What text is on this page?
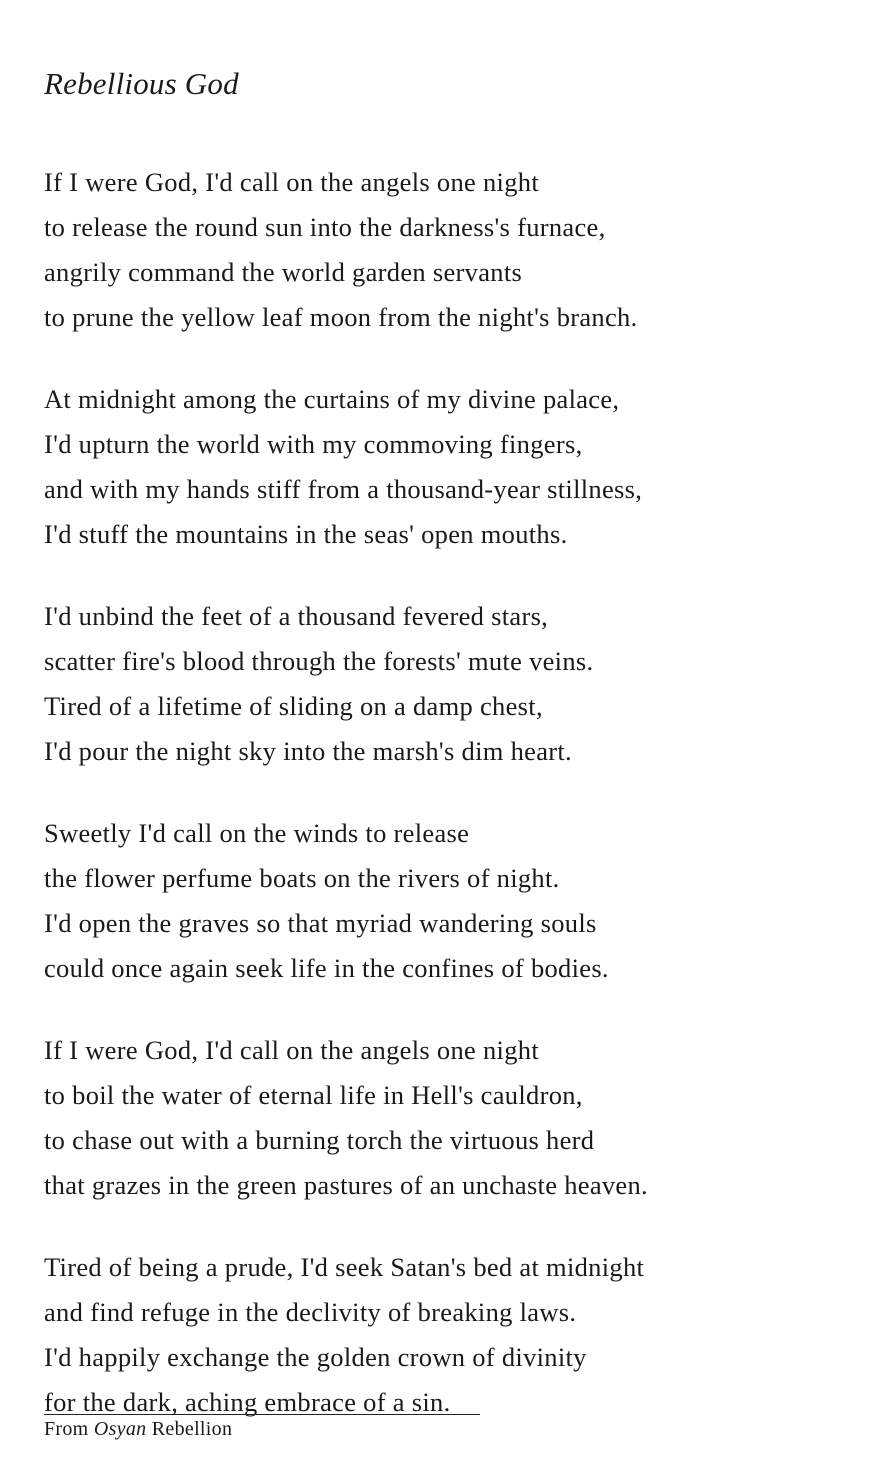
Rebellious God
If I were God, I'd call on the angels one night
to release the round sun into the darkness's furnace,
angrily command the world garden servants
to prune the yellow leaf moon from the night's branch.
At midnight among the curtains of my divine palace,
I'd upturn the world with my commoving fingers,
and with my hands stiff from a thousand-year stillness,
I'd stuff the mountains in the seas' open mouths.
I'd unbind the feet of a thousand fevered stars,
scatter fire's blood through the forests' mute veins.
Tired of a lifetime of sliding on a damp chest,
I'd pour the night sky into the marsh's dim heart.
Sweetly I'd call on the winds to release
the flower perfume boats on the rivers of night.
I'd open the graves so that myriad wandering souls
could once again seek life in the confines of bodies.
If I were God, I'd call on the angels one night
to boil the water of eternal life in Hell's cauldron,
to chase out with a burning torch the virtuous herd
that grazes in the green pastures of an unchaste heaven.
Tired of being a prude, I'd seek Satan's bed at midnight
and find refuge in the declivity of breaking laws.
I'd happily exchange the golden crown of divinity
for the dark, aching embrace of a sin.
From Osyan Rebellion
